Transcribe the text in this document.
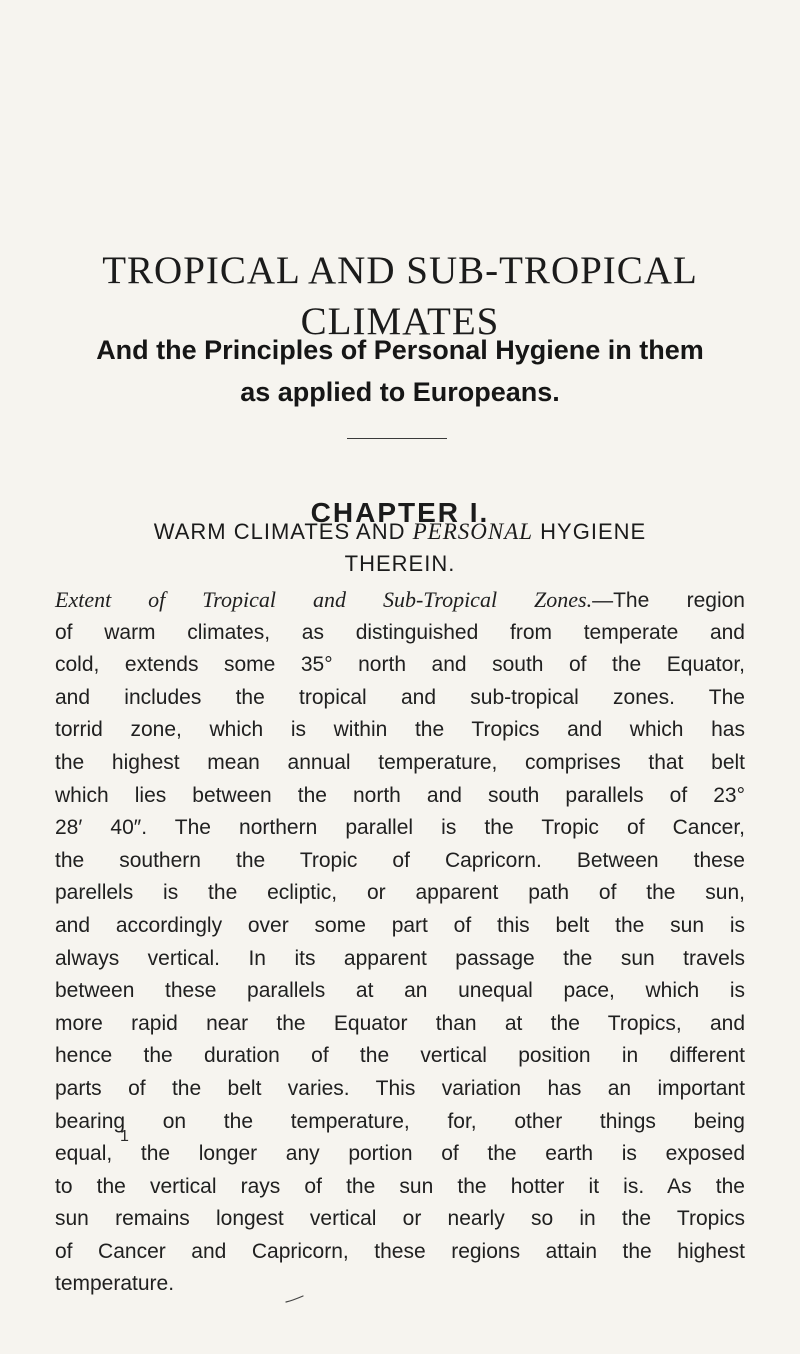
TROPICAL AND SUB-TROPICAL
CLIMATES
And the Principles of Personal Hygiene in them
as applied to Europeans.
CHAPTER I.
WARM CLIMATES AND PERSONAL HYGIENE
THEREIN.
Extent of Tropical and Sub-Tropical Zones.—The region
of warm climates, as distinguished from temperate and
cold, extends some 35° north and south of the Equator,
and includes the tropical and sub-tropical zones. The
torrid zone, which is within the Tropics and which has
the highest mean annual temperature, comprises that belt
which lies between the north and south parallels of 23°
28′ 40″. The northern parallel is the Tropic of Cancer,
the southern the Tropic of Capricorn. Between these
parellels is the ecliptic, or apparent path of the sun,
and accordingly over some part of this belt the sun is
always vertical. In its apparent passage the sun travels
between these parallels at an unequal pace, which is
more rapid near the Equator than at the Tropics, and
hence the duration of the vertical position in different
parts of the belt varies. This variation has an important
bearing on the temperature, for, other things being
equal, the longer any portion of the earth is exposed
to the vertical rays of the sun the hotter it is. As the
sun remains longest vertical or nearly so in the Tropics
of Cancer and Capricorn, these regions attain the highest
temperature.
1
